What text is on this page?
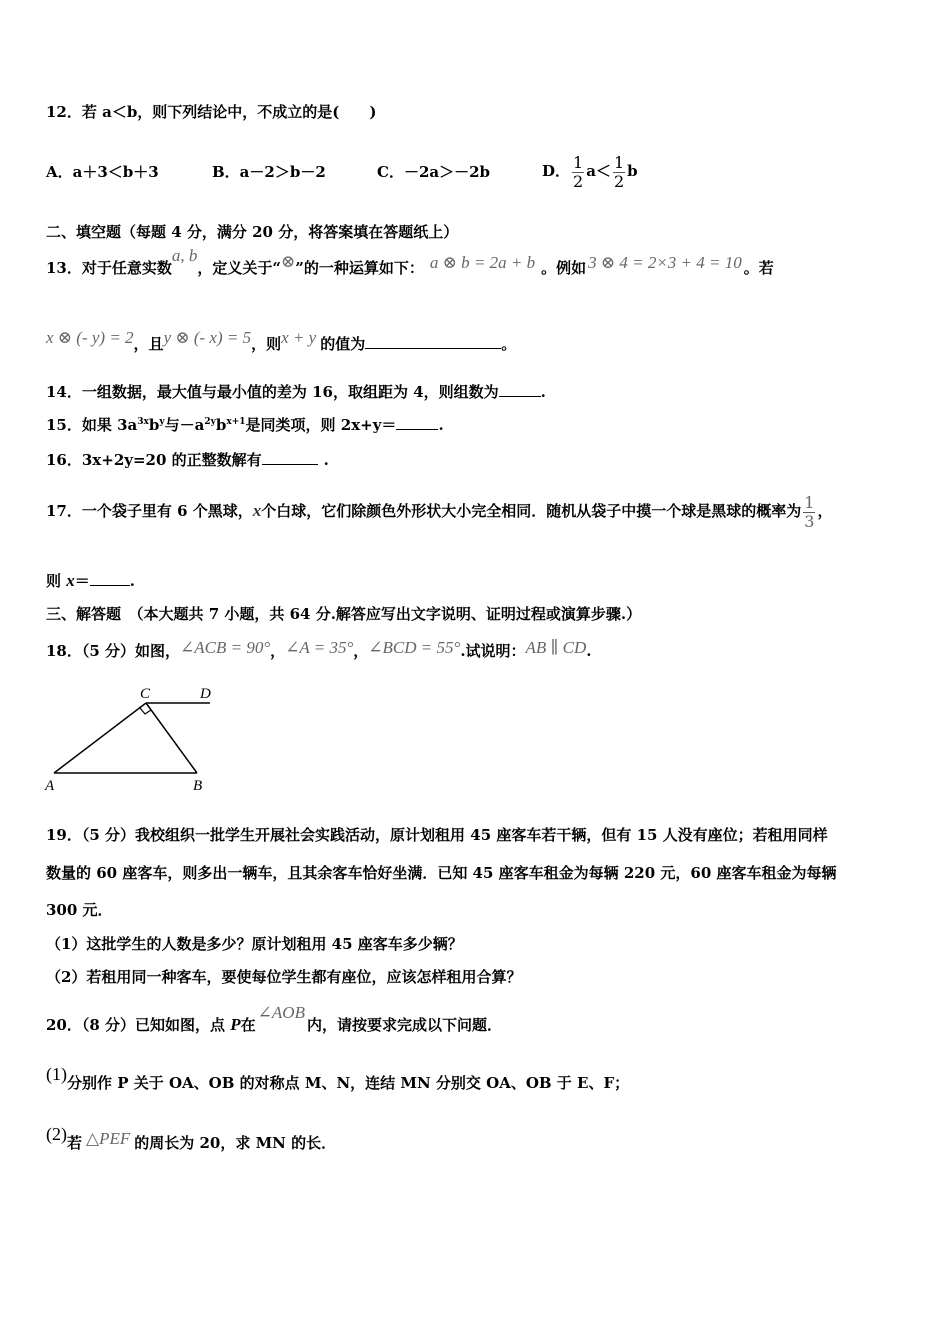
12．若 a＜b，则下列结论中，不成立的是(　　)
A．a＋3＜b＋3	B．a－2＞b－2	C．－2a＞－2b	D． $\frac{1}{2} a< \frac{1}{2}$ b
二、填空题（每题 4 分，满分 20 分，将答案填在答题纸上）
13．对于任意实数a, b，定义关于“⊗”的一种运算如下： a ⊗ b = 2a + b 。例如 3 ⊗ 4 = 2×3 + 4 = 10 。若
x ⊗ (- y) = 2，且y ⊗ (- x) = 5，则x + y 的值为	。
14．一组数据，最大值与最小值的差为 16，取组距为 4，则组数为	.
15．如果 $3a^{3x}b^y$与$-a^{2y}b^{x+1}$是同类项，则 2x+y＝	.
16．3x+2y=20 的正整数解有	.
17．一个袋子里有 6 个黑球，x个白球，它们除颜色外形状大小完全相同．随机从袋子中摸一个球是黑球的概率为 $\frac{1}{3}$ ，
则 x＝	.
三、解答题　（本大题共 7 小题，共 64 分.解答应写出文字说明、证明过程或演算步骤.）
18．（5 分）如图，∠ACB = 90°，∠A = 35°，∠BCD = 55°.试说明：AB ∥ CD.
C	D
A	B
19．（5 分）我校组织一批学生开展社会实践活动，原计划租用 45 座客车若干辆，但有 15 人没有座位；若租用同样
数量的 60 座客车，则多出一辆车，且其余客车恰好坐满．已知 45 座客车租金为每辆 220 元，60 座客车租金为每辆
300 元．
（1）这批学生的人数是多少？原计划租用 45 座客车多少辆？
（2）若租用同一种客车，要使每位学生都有座位，应该怎样租用合算？
20．（8 分）已知如图，点 P在∠AOB内，请按要求完成以下问题．
(1)分别作 P 关于 OA、OB 的对称点 M、N，连结 MN 分别交 OA、OB 于 E、F；
(2)若 △PEF 的周长为 20，求 MN 的长．
